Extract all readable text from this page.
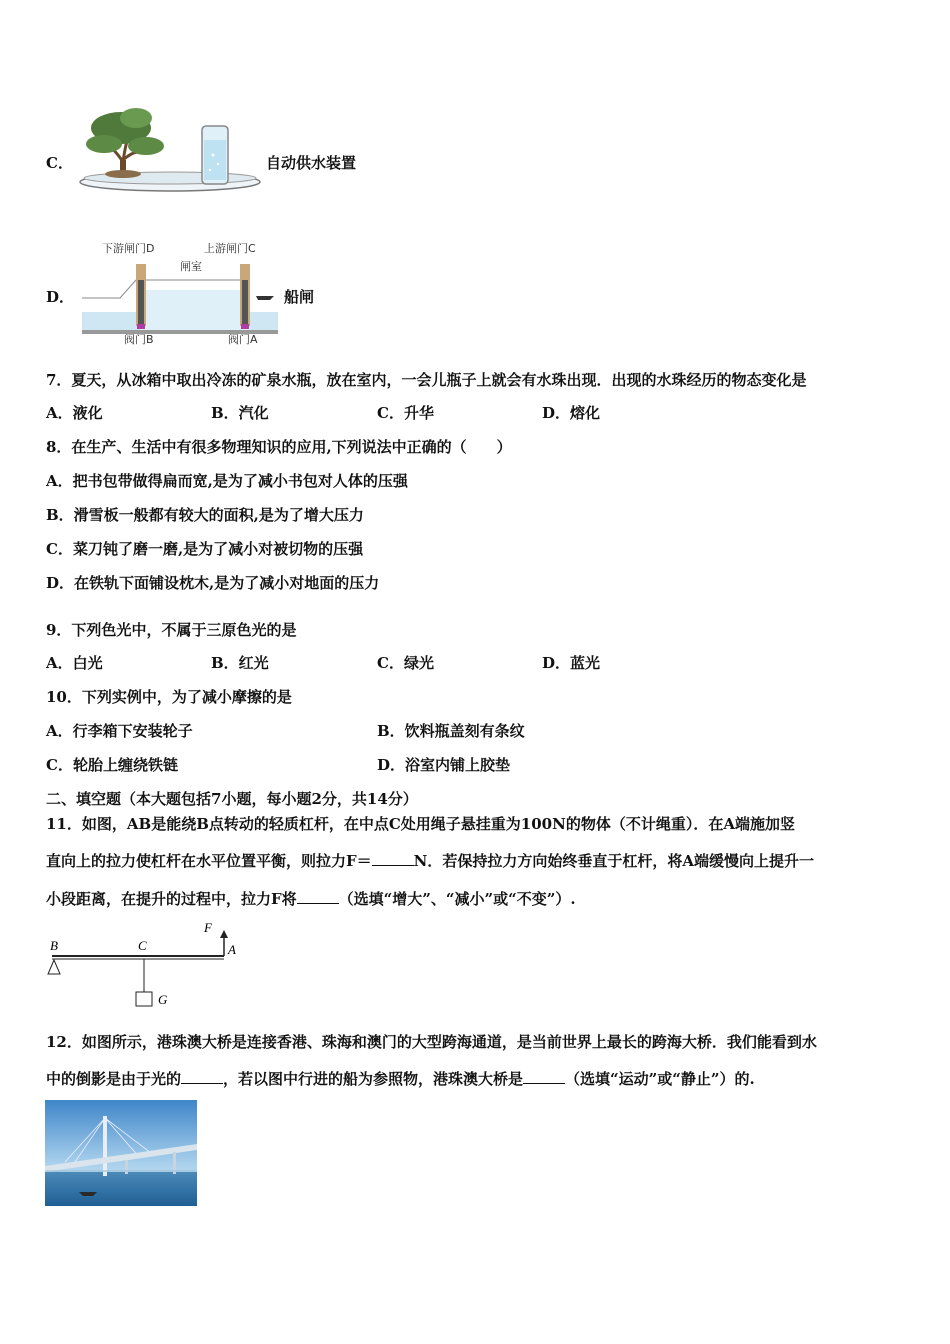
C．	自动供水装置
D．
下游闸门D	上游闸门C
闸室
阀门B	阀门A
船闸
7．夏天，从冰箱中取出冷冻的矿泉水瓶，放在室内，一会儿瓶子上就会有水珠出现．出现的水珠经历的物态变化是
A．液化	B．汽化	C．升华	D．熔化
8．在生产、生活中有很多物理知识的应用,下列说法中正确的（　　）
A．把书包带做得扁而宽,是为了减小书包对人体的压强
B．滑雪板一般都有较大的面积,是为了增大压力
C．菜刀钝了磨一磨,是为了减小对被切物的压强
D．在铁轨下面铺设枕木,是为了减小对地面的压力
9．下列色光中，不属于三原色光的是
A．白光	B．红光	C．绿光	D．蓝光
10．下列实例中，为了减小摩擦的是
A．行李箱下安装轮子	B．饮料瓶盖刻有条纹
C．轮胎上缠绕铁链	D．浴室内铺上胶垫
二、填空题（本大题包括7小题，每小题2分，共14分）
11．如图，AB是能绕B点转动的轻质杠杆，在中点C处用绳子悬挂重为100N的物体（不计绳重）．在A端施加竖
直向上的拉力使杠杆在水平位置平衡，则拉力F＝	N．若保持拉力方向始终垂直于杠杆，将A端缓慢向上提升一
小段距离，在提升的过程中，拉力F将	（选填“增大”、“减小”或“不变”）.
B	C
F
A
G
12．如图所示，港珠澳大桥是连接香港、珠海和澳门的大型跨海通道，是当前世界上最长的跨海大桥．我们能看到水
中的倒影是由于光的	，若以图中行进的船为参照物，港珠澳大桥是	（选填“运动”或“静止”）的.
